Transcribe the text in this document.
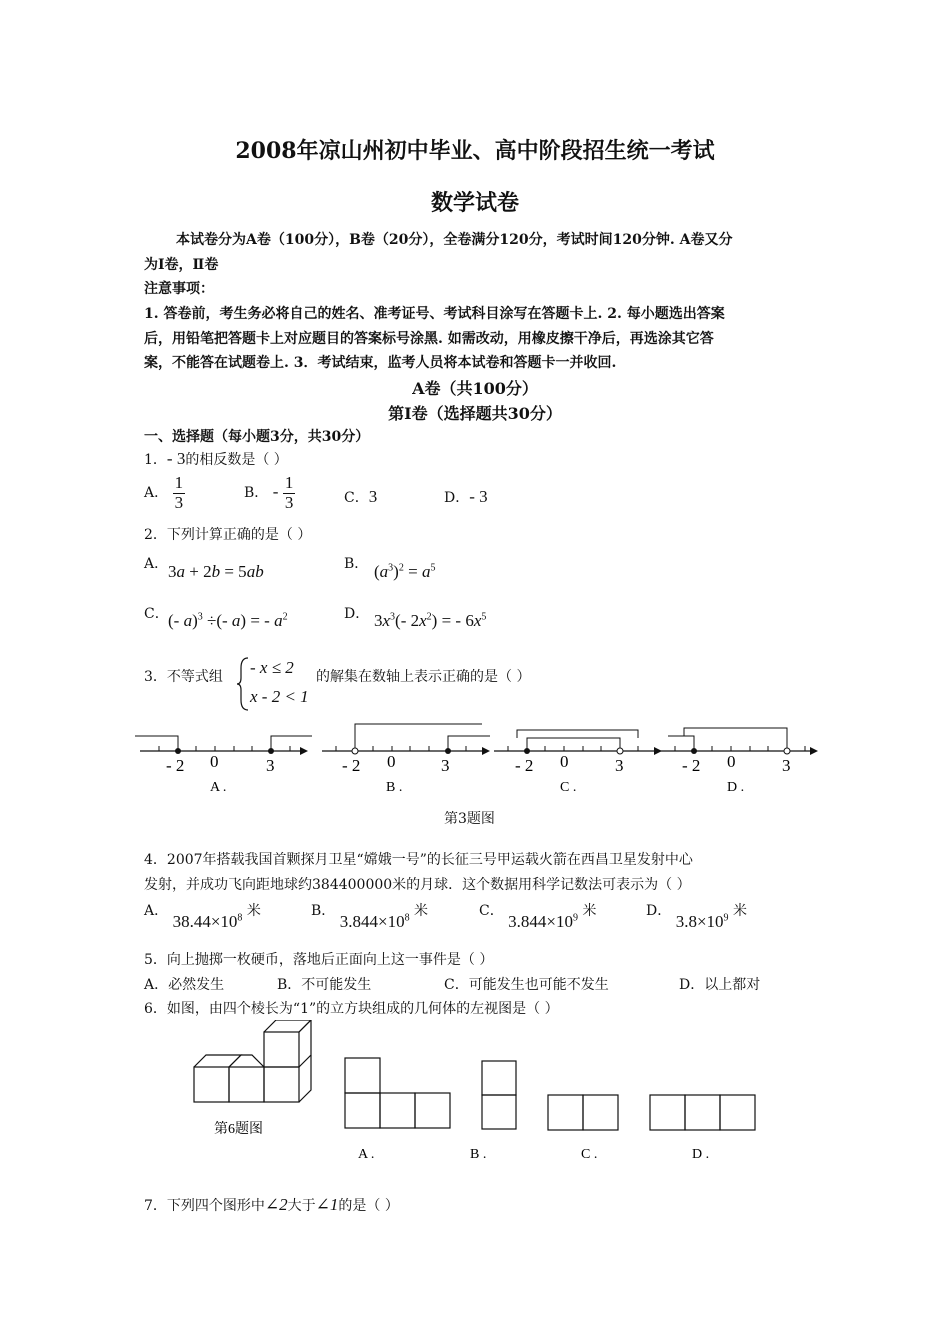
2008年凉山州初中毕业、高中阶段招生统一考试
数学试卷
本试卷分为A卷（100分），B卷（20分），全卷满分120分，考试时间120分钟. A卷又分
为Ⅰ卷，Ⅱ卷
注意事项：
1. 答卷前，考生务必将自己的姓名、准考证号、考试科目涂写在答题卡上. 2. 每小题选出答案
后，用铅笔把答题卡上对应题目的答案标号涂黑. 如需改动，用橡皮擦干净后，再选涂其它答
案，不能答在试题卷上. 3．考试结束，监考人员将本试卷和答题卡一并收回.
A卷（共100分）
第Ⅰ卷（选择题共30分）
一、选择题（每小题3分，共30分）
1．- 3的相反数是（ ）
A． $\frac{1}{3}$	B． - $\frac{1}{3}$	C．3	D．- 3
2．下列计算正确的是（ ）
A． 3a + 2b = 5ab	B． $(a^3)^2 = a^5$
C． (- a)$^3$ ÷(- a) = - $a^2$	D． $3x^3(-$ $2x^2$) = - $6x^5$
3．不等式组 - x ≤ 2
x - 2 < 1
的解集在数轴上表示正确的是（ ）
- 2 0	3
A .
- 2 0	3
B .
- 2 0	3
C .
- 2 0	3
D .
第3题图
4．2007年搭载我国首颗探月卫星“嫦娥一号”的长征三号甲运载火箭在西昌卫星发射中心
发射，并成功飞向距地球约384400000米的月球．这个数据用科学记数法可表示为（ ）
A． $38.44\times 10^8$ 米	B． $3.844\times 10^8$ 米	C． $3.844\times 10^9$ 米	D． $3.8\times 10^9$ 米
5．向上抛掷一枚硬币，落地后正面向上这一事件是（ ）
A．必然发生	B．不可能发生	C．可能发生也可能不发生	D．以上都对
6．如图，由四个棱长为“1”的立方块组成的几何体的左视图是（ ）
第6题图
A .	B .	C .	D .
7．下列四个图形中∠2大于∠1的是（ ）
